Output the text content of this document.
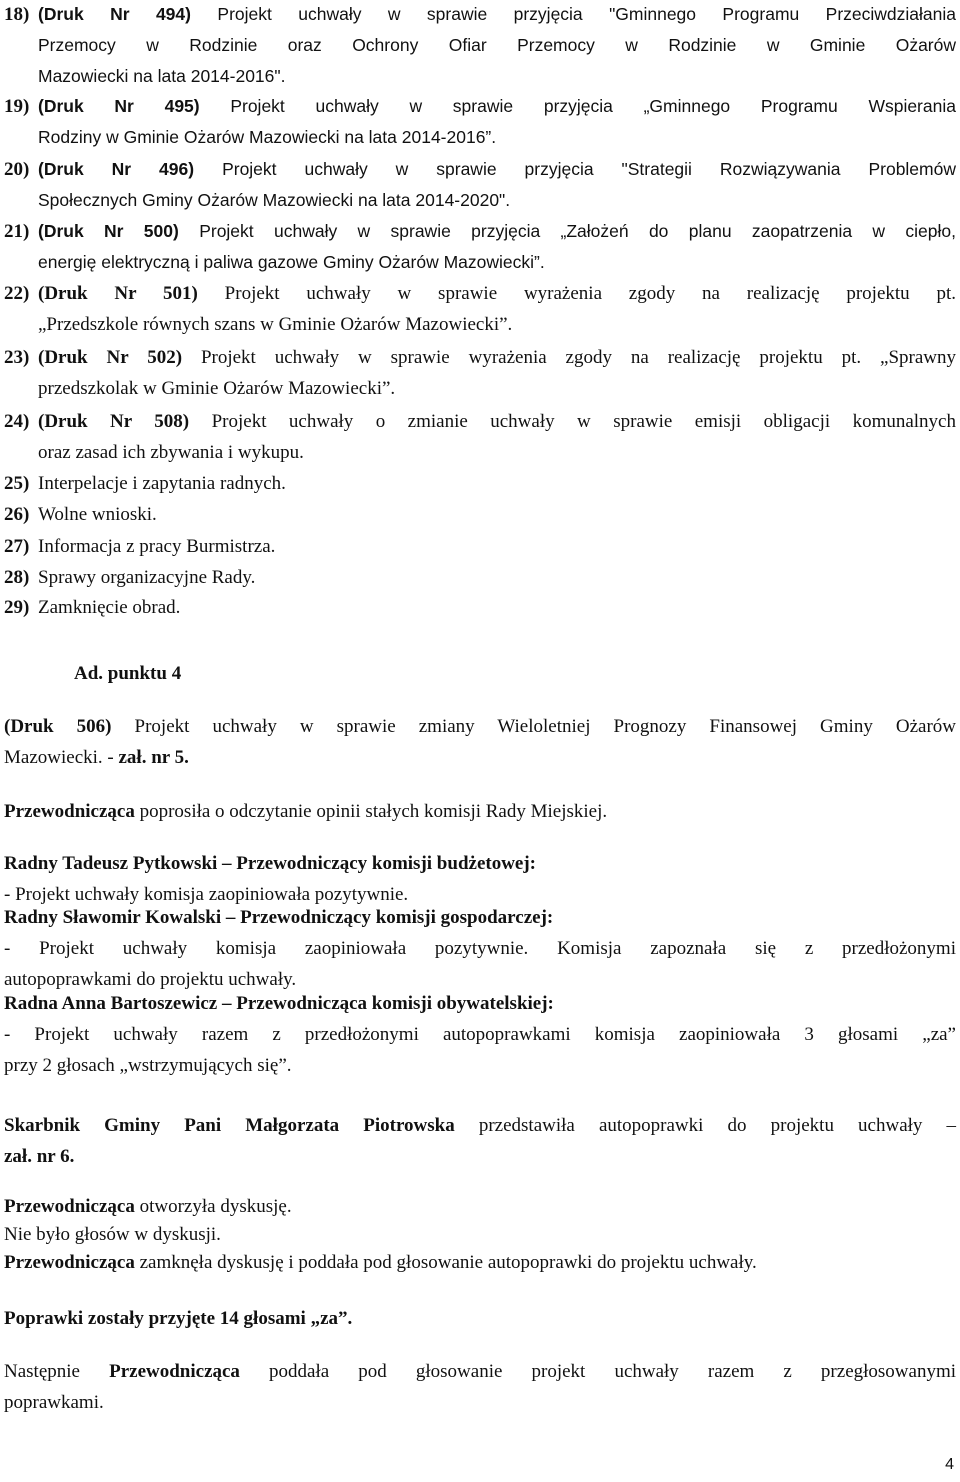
18) (Druk Nr 494) Projekt uchwały w sprawie przyjęcia "Gminnego Programu Przeciwdziałania
Przemocy w Rodzinie oraz Ochrony Ofiar Przemocy w Rodzinie w Gminie Ożarów
Mazowiecki na lata 2014-2016".
19) (Druk Nr 495) Projekt uchwały w sprawie przyjęcia „Gminnego Programu Wspierania
Rodziny w Gminie Ożarów Mazowiecki na lata 2014-2016”.
20) (Druk Nr 496) Projekt uchwały w sprawie przyjęcia "Strategii Rozwiązywania Problemów
Społecznych Gminy Ożarów Mazowiecki na lata 2014-2020".
21) (Druk Nr 500) Projekt uchwały w sprawie przyjęcia „Założeń do planu zaopatrzenia w ciepło,
energię elektryczną i paliwa gazowe Gminy Ożarów Mazowiecki”.
22) (Druk Nr 501) Projekt uchwały w sprawie wyrażenia zgody na realizację projektu pt.
„Przedszkole równych szans w Gminie Ożarów Mazowiecki”.
23) (Druk Nr 502) Projekt uchwały w sprawie wyrażenia zgody na realizację projektu pt. „Sprawny
przedszkolak w Gminie Ożarów Mazowiecki”.
24) (Druk Nr 508) Projekt uchwały o zmianie uchwały w sprawie emisji obligacji komunalnych
oraz zasad ich zbywania i wykupu.
25) Interpelacje i zapytania radnych.
26) Wolne wnioski.
27) Informacja z pracy Burmistrza.
28) Sprawy organizacyjne Rady.
29) Zamknięcie obrad.
Ad. punktu 4
(Druk 506) Projekt uchwały w sprawie zmiany Wieloletniej Prognozy Finansowej Gminy Ożarów
Mazowiecki. - zał. nr 5.
Przewodnicząca poprosiła o odczytanie opinii stałych komisji Rady Miejskiej.
Radny Tadeusz Pytkowski – Przewodniczący komisji budżetowej:
- Projekt uchwały komisja zaopiniowała pozytywnie.
Radny Sławomir Kowalski – Przewodniczący komisji gospodarczej:
- Projekt uchwały komisja zaopiniowała pozytywnie. Komisja zapoznała się z przedłożonymi
autopoprawkami do projektu uchwały.
Radna Anna Bartoszewicz – Przewodnicząca komisji obywatelskiej:
- Projekt uchwały razem z przedłożonymi autopoprawkami komisja zaopiniowała 3 głosami „za”
przy 2 głosach „wstrzymujących się”.
Skarbnik Gminy Pani Małgorzata Piotrowska przedstawiła autopoprawki do projektu uchwały –
zał. nr 6.
Przewodnicząca otworzyła dyskusję.
Nie było głosów w dyskusji.
Przewodnicząca zamknęła dyskusję i poddała pod głosowanie autopoprawki do projektu uchwały.
Poprawki zostały przyjęte 14 głosami „za”.
Następnie Przewodnicząca poddała pod głosowanie projekt uchwały razem z przegłosowanymi
poprawkami.
4
